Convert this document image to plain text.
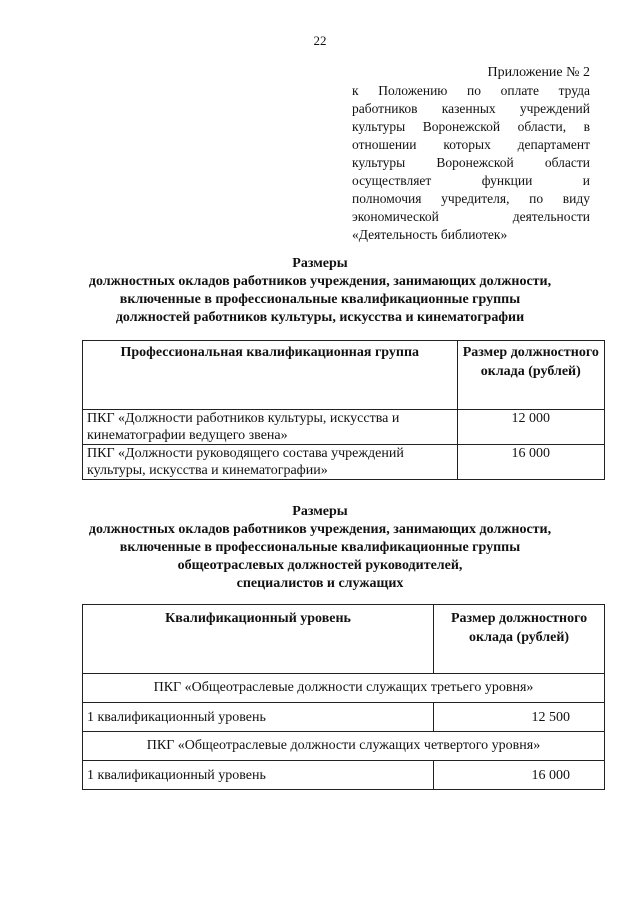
22
Приложение № 2
к Положению по оплате труда
работников казенных учреждений
культуры Воронежской области, в
отношении которых департамент
культуры Воронежской области
осуществляет функции и
полномочия учредителя, по виду
экономической деятельности
«Деятельность библиотек»
Размеры
должностных окладов работников учреждения, занимающих должности,
включенные в профессиональные квалификационные группы
должностей работников культуры, искусства и кинематографии
Профессиональная квалификационная группа	Размер должностного оклада (рублей)
ПКГ «Должности работников культуры, искусства и кинематографии ведущего звена»	12 000
ПКГ «Должности руководящего состава учреждений культуры, искусства и кинематографии»	16 000
Размеры
должностных окладов работников учреждения, занимающих должности,
включенные в профессиональные квалификационные группы
общеотраслевых должностей руководителей,
специалистов и служащих
Квалификационный уровень	Размер должностного оклада (рублей)
ПКГ «Общеотраслевые должности служащих третьего уровня»	
1 квалификационный уровень	12 500
ПКГ «Общеотраслевые должности служащих четвертого уровня»	
1 квалификационный уровень	16 000
